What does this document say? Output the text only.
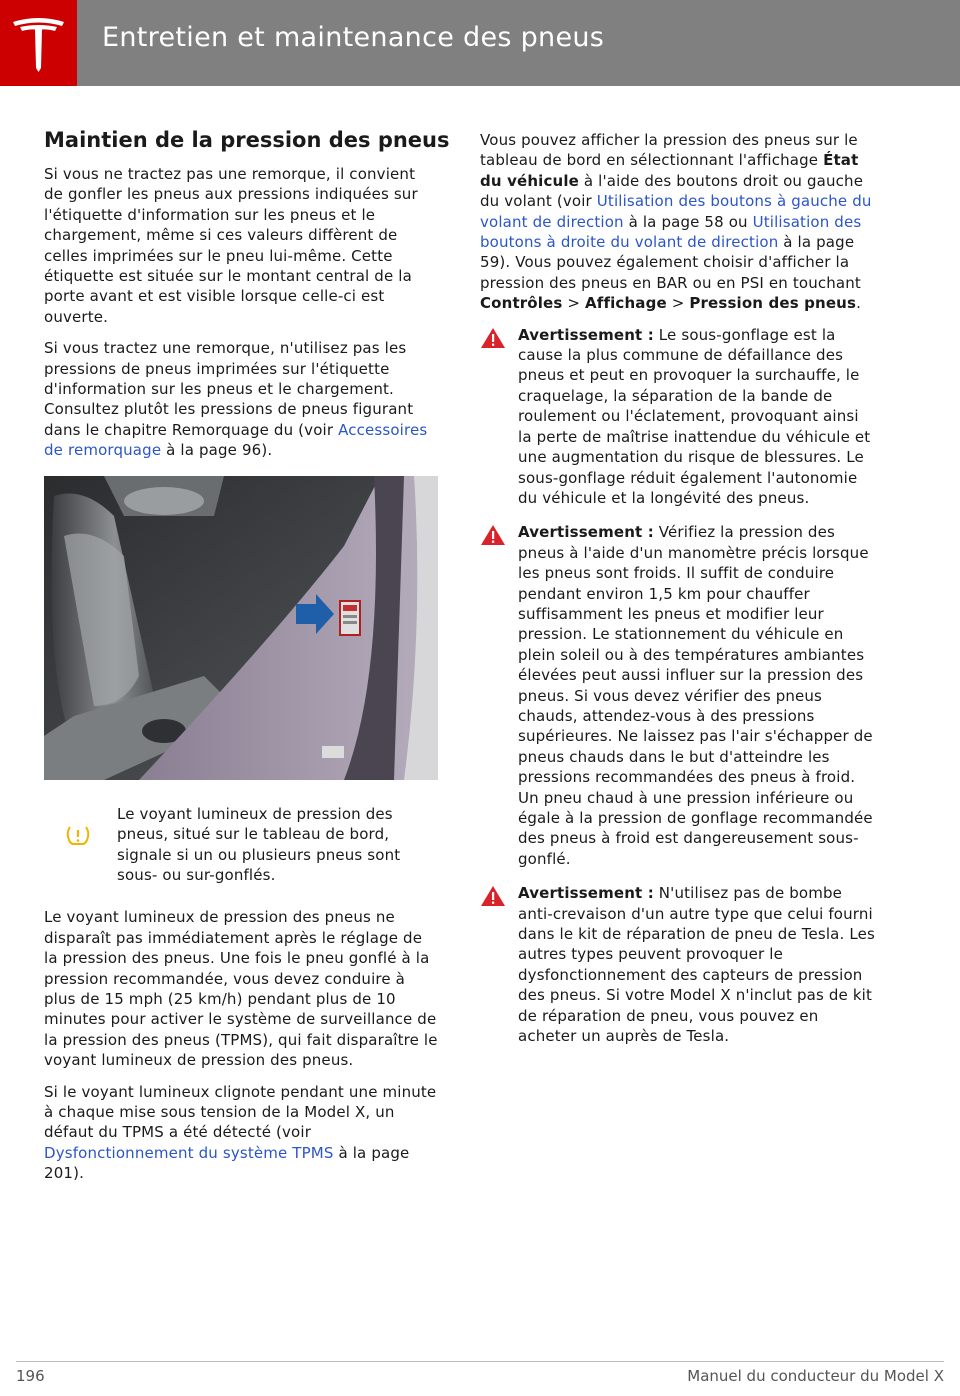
Entretien et maintenance des pneus
Maintien de la pression des pneus

Si vous ne tractez pas une remorque, il convient de gonfler les pneus aux pressions indiquées sur l'étiquette d'information sur les pneus et le chargement, même si ces valeurs diffèrent de celles imprimées sur le pneu lui-même. Cette étiquette est située sur le montant central de la porte avant et est visible lorsque celle-ci est ouverte.

Si vous tractez une remorque, n'utilisez pas les pressions de pneus imprimées sur l'étiquette d'information sur les pneus et le chargement. Consultez plutôt les pressions de pneus figurant dans le chapitre Remorquage du (voir Accessoires de remorquage à la page 96).

Le voyant lumineux de pression des pneus, situé sur le tableau de bord, signale si un ou plusieurs pneus sont sous- ou sur-gonflés.

Le voyant lumineux de pression des pneus ne disparaît pas immédiatement après le réglage de la pression des pneus. Une fois le pneu gonflé à la pression recommandée, vous devez conduire à plus de 15 mph (25 km/h) pendant plus de 10 minutes pour activer le système de surveillance de la pression des pneus (TPMS), qui fait disparaître le voyant lumineux de pression des pneus.

Si le voyant lumineux clignote pendant une minute à chaque mise sous tension de la Model X, un défaut du TPMS a été détecté (voir Dysfonctionnement du système TPMS à la page 201).

Vous pouvez afficher la pression des pneus sur le tableau de bord en sélectionnant l'affichage État du véhicule à l'aide des boutons droit ou gauche du volant (voir Utilisation des boutons à gauche du volant de direction à la page 58 ou Utilisation des boutons à droite du volant de direction à la page 59). Vous pouvez également choisir d'afficher la pression des pneus en BAR ou en PSI en touchant Contrôles > Affichage > Pression des pneus.

Avertissement : Le sous-gonflage est la cause la plus commune de défaillance des pneus et peut en provoquer la surchauffe, le craquelage, la séparation de la bande de roulement ou l'éclatement, provoquant ainsi la perte de maîtrise inattendue du véhicule et une augmentation du risque de blessures. Le sous-gonflage réduit également l'autonomie du véhicule et la longévité des pneus.
Avertissement : Vérifiez la pression des pneus à l'aide d'un manomètre précis lorsque les pneus sont froids. Il suffit de conduire pendant environ 1,5 km pour chauffer suffisamment les pneus et modifier leur pression. Le stationnement du véhicule en plein soleil ou à des températures ambiantes élevées peut aussi influer sur la pression des pneus. Si vous devez vérifier des pneus chauds, attendez-vous à des pressions supérieures. Ne laissez pas l'air s'échapper de pneus chauds dans le but d'atteindre les pressions recommandées des pneus à froid. Un pneu chaud à une pression inférieure ou égale à la pression de gonflage recommandée des pneus à froid est dangereusement sous-gonflé.
Avertissement : N'utilisez pas de bombe anti-crevaison d'un autre type que celui fourni dans le kit de réparation de pneu de Tesla. Les autres types peuvent provoquer le dysfonctionnement des capteurs de pression des pneus. Si votre Model X n'inclut pas de kit de réparation de pneu, vous pouvez en acheter un auprès de Tesla.
196	Manuel du conducteur du Model X
